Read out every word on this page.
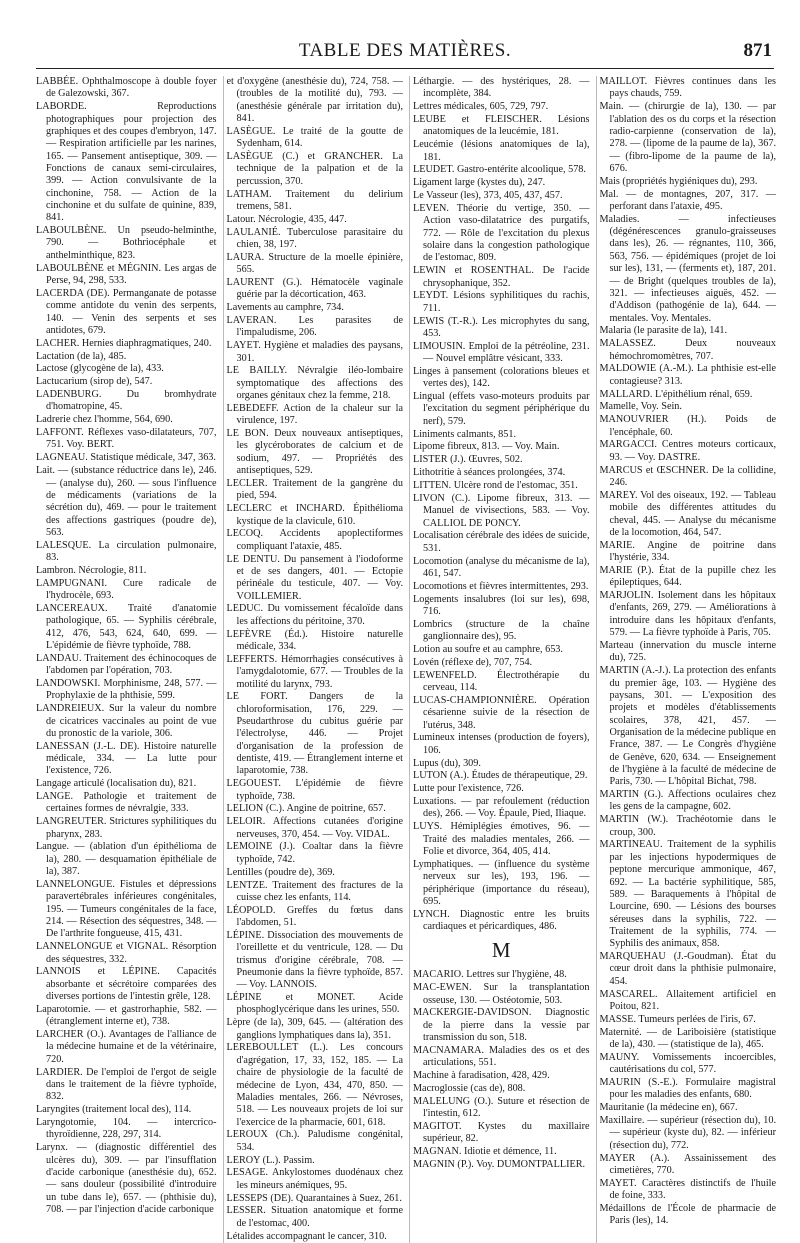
TABLE DES MATIÈRES.	871

LABBÉE. Ophthalmoscope à double foyer de Galezowski, 367.

LABORDE. Reproductions photographiques pour projection des graphiques et des coupes d'embryon, 147. — Respiration artificielle par les narines, 165. — Pansement antiseptique, 309. — Fonctions de canaux semi-circulaires, 399. — Action convulsivante de la cinchonine, 758. — Action de la cinchonine et du sulfate de quinine, 839, 841.

LABOULBÈNE. Un pseudo-helminthe, 790. — Bothriocéphale et anthelminthique, 823.

LABOULBÈNE et MÉGNIN. Les argas de Perse, 94, 298, 533.

LACERDA (DE). Permanganate de potasse comme antidote du venin des serpents, 140. — Venin des serpents et ses antidotes, 679.

LACHER. Hernies diaphragmatiques, 240.

Lactation (de la), 485.

Lactose (glycogène de la), 433.

Lactucarium (sirop de), 547.

LADENBURG. Du bromhydrate d'homatropine, 45.

Ladrerie chez l'homme, 564, 690.

LAFFONT. Réflexes vaso-dilatateurs, 707, 751. Voy. BERT.

LAGNEAU. Statistique médicale, 347, 363.

Lait. — (substance réductrice dans le), 246. — (analyse du), 260. — sous l'influence de médicaments (variations de la sécrétion du), 469. — pour le traitement des affections gastriques (poudre de), 563.

LALESQUE. La circulation pulmonaire, 83.

Lambron. Nécrologie, 811.

LAMPUGNANI. Cure radicale de l'hydrocèle, 693.

LANCEREAUX. Traité d'anatomie pathologique, 65. — Syphilis cérébrale, 412, 476, 543, 624, 640, 699. — L'épidémie de fièvre typhoïde, 788.

LANDAU. Traitement des échinocoques de l'abdomen par l'opération, 703.

LANDOWSKI. Morphinisme, 248, 577. — Prophylaxie de la phthisie, 599.

LANDREIEUX. Sur la valeur du nombre de cicatrices vaccinales au point de vue du pronostic de la variole, 306.

LANESSAN (J.-L. DE). Histoire naturelle médicale, 334. — La lutte pour l'existence, 726.

Langage articulé (localisation du), 821.

LANGE. Pathologie et traitement de certaines formes de névralgie, 333.

LANGREUTER. Strictures syphilitiques du pharynx, 283.

Langue. — (ablation d'un épithélioma de la), 280. — desquamation épithéliale de la), 387.

LANNELONGUE. Fistules et dépressions paravertébrales inférieures congénitales, 195. — Tumeurs congénitales de la face, 214. — Résection des séquestres, 348. — De l'arthrite fongueuse, 415, 431.

LANNELONGUE et VIGNAL. Résorption des séquestres, 332.

LANNOIS et LÉPINE. Capacités absorbante et sécrétoire comparées des diverses portions de l'intestin grêle, 128.

Laparotomie. — et gastrorhaphie, 582. — (étranglement interne et), 738.

LARCHER (O.). Avantages de l'alliance de la médecine humaine et de la vétérinaire, 720.

LARDIER. De l'emploi de l'ergot de seigle dans le traitement de la fièvre typhoïde, 832.

Laryngites (traitement local des), 114.

Laryngotomie, 104. — intercrico-thyroïdienne, 228, 297, 314.

Larynx. — (diagnostic différentiel des ulcères du), 309. — par l'insufflation d'acide carbonique (anesthésie du), 652. — sans douleur (possibilité d'introduire un tube dans le), 657. — (phthisie du), 708. — par l'injection d'acide carbonique

et d'oxygène (anesthésie du), 724, 758. — (troubles de la motilité du), 793. — (anesthésie générale par irritation du), 841.

LASÈGUE. Le traité de la goutte de Sydenham, 614.

LASÈGUE (C.) et GRANCHER. La technique de la palpation et de la percussion, 370.

LATHAM. Traitement du delirium tremens, 581.

Latour. Nécrologie, 435, 447.

LAULANIÉ. Tuberculose parasitaire du chien, 38, 197.

LAURA. Structure de la moelle épinière, 565.

LAURENT (G.). Hématocèle vaginale guérie par la décortication, 463.

Lavements au camphre, 734.

LAVERAN. Les parasites de l'impaludisme, 206.

LAYET. Hygiène et maladies des paysans, 301.

LE BAILLY. Névralgie iléo-lombaire symptomatique des affections des organes génitaux chez la femme, 218.

LEBEDEFF. Action de la chaleur sur la virulence, 197.

LE BON. Deux nouveaux antiseptiques, les glycéroborates de calcium et de sodium, 497. — Propriétés des antiseptiques, 529.

LECLER. Traitement de la gangrène du pied, 594.

LECLERC et INCHARD. Épithélioma kystique de la clavicule, 610.

LECOQ. Accidents apoplectiformes compliquant l'ataxie, 485.

LE DENTU. Du pansement à l'iodoforme et de ses dangers, 401. — Ectopie périnéale du testicule, 407. — Voy. VOILLEMIER.

LEDUC. Du vomissement fécaloïde dans les affections du péritoine, 370.

LEFÈVRE (Éd.). Histoire naturelle médicale, 334.

LEFFERTS. Hémorrhagies consécutives à l'amygdalotomie, 677. — Troubles de la motilité du larynx, 793.

LE FORT. Dangers de la chloroformisation, 176, 229. — Pseudarthrose du cubitus guérie par l'électrolyse, 446. — Projet d'organisation de la profession de dentiste, 419. — Étranglement interne et laparotomie, 738.

LEGOUEST. L'épidémie de fièvre typhoïde, 738.

LELION (C.). Angine de poitrine, 657.

LELOIR. Affections cutanées d'origine nerveuses, 370, 454. — Voy. VIDAL.

LEMOINE (J.). Coaltar dans la fièvre typhoïde, 742.

Lentilles (poudre de), 369.

LENTZE. Traitement des fractures de la cuisse chez les enfants, 114.

LÉOPOLD. Greffes du fœtus dans l'abdomen, 51.

LÉPINE. Dissociation des mouvements de l'oreillette et du ventricule, 128. — Du trismus d'origine cérébrale, 708. — Pneumonie dans la fièvre typhoïde, 857. — Voy. LANNOIS.

LÉPINE et MONET. Acide phosphoglycérique dans les urines, 550.

Lèpre (de la), 309, 645. — (altération des ganglions lymphatiques dans la), 351.

LEREBOULLET (L.). Les concours d'agrégation, 17, 33, 152, 185. — La chaire de physiologie de la faculté de médecine de Lyon, 434, 470, 850. — Maladies mentales, 266. — Névroses, 518. — Les nouveaux projets de loi sur l'exercice de la pharmacie, 601, 618.

LEROUX (Ch.). Paludisme congénital, 534.

LEROY (L.). Passim.

LESAGE. Ankylostomes duodénaux chez les mineurs anémiques, 95.

LESSEPS (DE). Quarantaines à Suez, 261.

LESSER. Situation anatomique et forme de l'estomac, 400.

Létalides accompagnant le cancer, 310.

Léthargie. — des hystériques, 28. — incomplète, 384.

Lettres médicales, 605, 729, 797.

LEUBE et FLEISCHER. Lésions anatomiques de la leucémie, 181.

Leucémie (lésions anatomiques de la), 181.

LEUDET. Gastro-entérite alcoolique, 578.

Ligament large (kystes du), 247.

Le Vasseur (les), 373, 405, 437, 457.

LEVEN. Théorie du vertige, 350. — Action vaso-dilatatrice des purgatifs, 772. — Rôle de l'excitation du plexus solaire dans la congestion pathologique de l'estomac, 809.

LEWIN et ROSENTHAL. De l'acide chrysophanique, 352.

LEYDT. Lésions syphilitiques du rachis, 711.

LEWIS (T.-R.). Les microphytes du sang, 453.

LIMOUSIN. Emploi de la pétréoline, 231. — Nouvel emplâtre vésicant, 333.

Linges à pansement (colorations bleues et vertes des), 142.

Lingual (effets vaso-moteurs produits par l'excitation du segment périphérique du nerf), 579.

Liniments calmants, 851.

Lipome fibreux, 813. — Voy. Main.

LISTER (J.). Œuvres, 502.

Lithotritie à séances prolongées, 374.

LITTEN. Ulcère rond de l'estomac, 351.

LIVON (C.). Lipome fibreux, 313. — Manuel de vivisections, 583. — Voy. CALLIOL DE PONCY.

Localisation cérébrale des idées de suicide, 531.

Locomotion (analyse du mécanisme de la), 461, 547.

Locomotions et fièvres intermittentes, 293.

Logements insalubres (loi sur les), 698, 716.

Lombrics (structure de la chaîne ganglionnaire des), 95.

Lotion au soufre et au camphre, 653.

Lovén (réflexe de), 707, 754.

LEWENFELD. Électrothérapie du cerveau, 114.

LUCAS-CHAMPIONNIÈRE. Opération césarienne suivie de la résection de l'utérus, 348.

Lumineux intenses (production de foyers), 106.

Lupus (du), 309.

LUTON (A.). Études de thérapeutique, 29.

Lutte pour l'existence, 726.

Luxations. — par refoulement (réduction des), 266. — Voy. Épaule, Pied, Iliaque.

LUYS. Hémiplégies émotives, 96. — Traité des maladies mentales, 266. — Folie et divorce, 364, 405, 414.

Lymphatiques. — (influence du système nerveux sur les), 193, 196. — périphérique (importance du réseau), 695.

LYNCH. Diagnostic entre les bruits cardiaques et péricardiques, 486.

M

MACARIO. Lettres sur l'hygiène, 48.

MAC-EWEN. Sur la transplantation osseuse, 130. — Ostéotomie, 503.

MACKERGIE-DAVIDSON. Diagnostic de la pierre dans la vessie par transmission du son, 518.

MACNAMARA. Maladies des os et des articulations, 551.

Machine à faradisation, 428, 429.

Macroglossie (cas de), 808.

MALELUNG (O.). Suture et résection de l'intestin, 612.

MAGITOT. Kystes du maxillaire supérieur, 82.

MAGNAN. Idiotie et démence, 11.

MAGNIN (P.). Voy. DUMONTPALLIER.

MAILLOT. Fièvres continues dans les pays chauds, 759.

Main. — (chirurgie de la), 130. — par l'ablation des os du corps et la résection radio-carpienne (conservation de la), 278. — (lipome de la paume de la), 367. — (fibro-lipome de la paume de la), 676.

Mais (propriétés hygiéniques du), 293.

Mal. — de montagnes, 207, 317. — perforant dans l'ataxie, 495.

Maladies. — infectieuses (dégénérescences granulo-graisseuses dans les), 26. — régnantes, 110, 366, 563, 756. — épidémiques (projet de loi sur les), 131, — (ferments et), 187, 201. — de Bright (quelques troubles de la), 321. — infectieuses aiguës, 452. — d'Addison (pathogénie de la), 644. — mentales. Voy. Mentales.

Malaria (le parasite de la), 141.

MALASSEZ. Deux nouveaux hémochromomètres, 707.

MALDOWIE (A.-M.). La phthisie est-elle contagieuse? 313.

MALLARD. L'épithélium rénal, 659.

Mamelle, Voy. Sein.

MANOUVRIER (H.). Poids de l'encéphale, 60.

MARGACCI. Centres moteurs corticaux, 93. — Voy. DASTRE.

MARCUS et ŒSCHNER. De la collidine, 246.

MAREY. Vol des oiseaux, 192. — Tableau mobile des différentes attitudes du cheval, 445. — Analyse du mécanisme de la locomotion, 464, 547.

MARIE. Angine de poitrine dans l'hystérie, 334.

MARIE (P.). État de la pupille chez les épileptiques, 644.

MARJOLIN. Isolement dans les hôpitaux d'enfants, 269, 279. — Améliorations à introduire dans les hôpitaux d'enfants, 579. — La fièvre typhoïde à Paris, 705.

Marteau (innervation du muscle interne du), 725.

MARTIN (A.-J.). La protection des enfants du premier âge, 103. — Hygiène des paysans, 301. — L'exposition des projets et modèles d'établissements scolaires, 378, 421, 457. — Organisation de la médecine publique en France, 387. — Le Congrès d'hygiène de Genève, 620, 634. — Enseignement de l'hygiène à la faculté de médecine de Paris, 730. — L'hôpital Bichat, 798.

MARTIN (G.). Affections oculaires chez les gens de la campagne, 602.

MARTIN (W.). Trachéotomie dans le croup, 300.

MARTINEAU. Traitement de la syphilis par les injections hypodermiques de peptone mercurique ammonique, 467, 692. — La bactérie syphilitique, 585, 589. — Baraquements à l'hôpital de Lourcine, 690. — Lésions des bourses séreuses dans la syphilis, 722. — Traitement de la syphilis, 774. — Syphilis des animaux, 858.

MARQUEHAU (J.-Goudman). État du cœur droit dans la phthisie pulmonaire, 454.

MASCAREL. Allaitement artificiel en Poitou, 821.

MASSE. Tumeurs perlées de l'iris, 67.

Maternité. — de Lariboisière (statistique de la), 430. — (statistique de la), 465.

MAUNY. Vomissements incoercibles, cautérisations du col, 577.

MAURIN (S.-E.). Formulaire magistral pour les maladies des enfants, 680.

Mauritanie (la médecine en), 667.

Maxillaire. — supérieur (résection du), 10. — supérieur (kyste du), 82. — inférieur (résection du), 772.

MAYER (A.). Assainissement des cimetières, 770.

MAYET. Caractères distinctifs de l'huile de foine, 333.

Médaillons de l'École de pharmacie de Paris (les), 14.
